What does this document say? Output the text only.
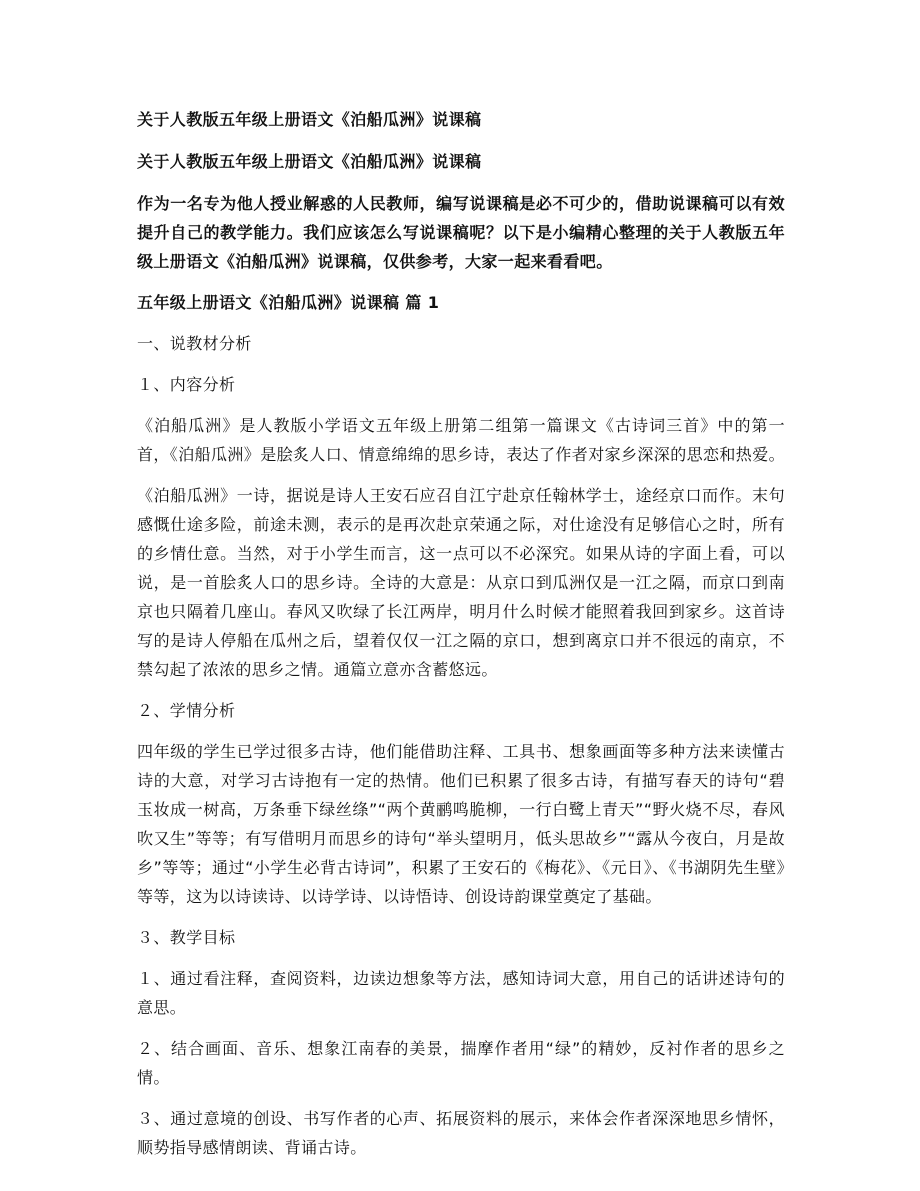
关于人教版五年级上册语文《泊船瓜洲》说课稿

关于人教版五年级上册语文《泊船瓜洲》说课稿

作为一名专为他人授业解惑的人民教师，编写说课稿是必不可少的，借助说课稿可以有效提升自己的教学能力。我们应该怎么写说课稿呢？以下是小编精心整理的关于人教版五年级上册语文《泊船瓜洲》说课稿，仅供参考，大家一起来看看吧。

五年级上册语文《泊船瓜洲》说课稿 篇 1

一、说教材分析

１、内容分析

《泊船瓜洲》是人教版小学语文五年级上册第二组第一篇课文《古诗词三首》中的第一首，《泊船瓜洲》是脍炙人口、情意绵绵的思乡诗，表达了作者对家乡深深的思恋和热爱。

《泊船瓜洲》一诗，据说是诗人王安石应召自江宁赴京任翰林学士，途经京口而作。末句感慨仕途多险，前途未测，表示的是再次赴京荣通之际，对仕途没有足够信心之时，所有的乡情仕意。当然，对于小学生而言，这一点可以不必深究。如果从诗的字面上看，可以说，是一首脍炙人口的思乡诗。全诗的大意是：从京口到瓜洲仅是一江之隔，而京口到南京也只隔着几座山。春风又吹绿了长江两岸，明月什么时候才能照着我回到家乡。这首诗写的是诗人停船在瓜州之后，望着仅仅一江之隔的京口，想到离京口并不很远的南京，不禁勾起了浓浓的思乡之情。通篇立意亦含蓄悠远。

２、学情分析

四年级的学生已学过很多古诗，他们能借助注释、工具书、想象画面等多种方法来读懂古诗的大意，对学习古诗抱有一定的热情。他们已积累了很多古诗，有描写春天的诗句“碧玉妆成一树高，万条垂下绿丝绦”“两个黄鹂鸣脆柳，一行白鹭上青天”“野火烧不尽，春风吹又生”等等；有写借明月而思乡的诗句“举头望明月，低头思故乡”“露从今夜白，月是故乡”等等；通过“小学生必背古诗词”，积累了王安石的《梅花》、《元日》、《书湖阴先生壁》等等，这为以诗读诗、以诗学诗、以诗悟诗、创设诗韵课堂奠定了基础。

３、教学目标

１、通过看注释，查阅资料，边读边想象等方法，感知诗词大意，用自己的话讲述诗句的意思。

２、结合画面、音乐、想象江南春的美景，揣摩作者用“绿”的精妙，反衬作者的思乡之情。

３、通过意境的创设、书写作者的心声、拓展资料的展示，来体会作者深深地思乡情怀，顺势指导感情朗读、背诵古诗。
